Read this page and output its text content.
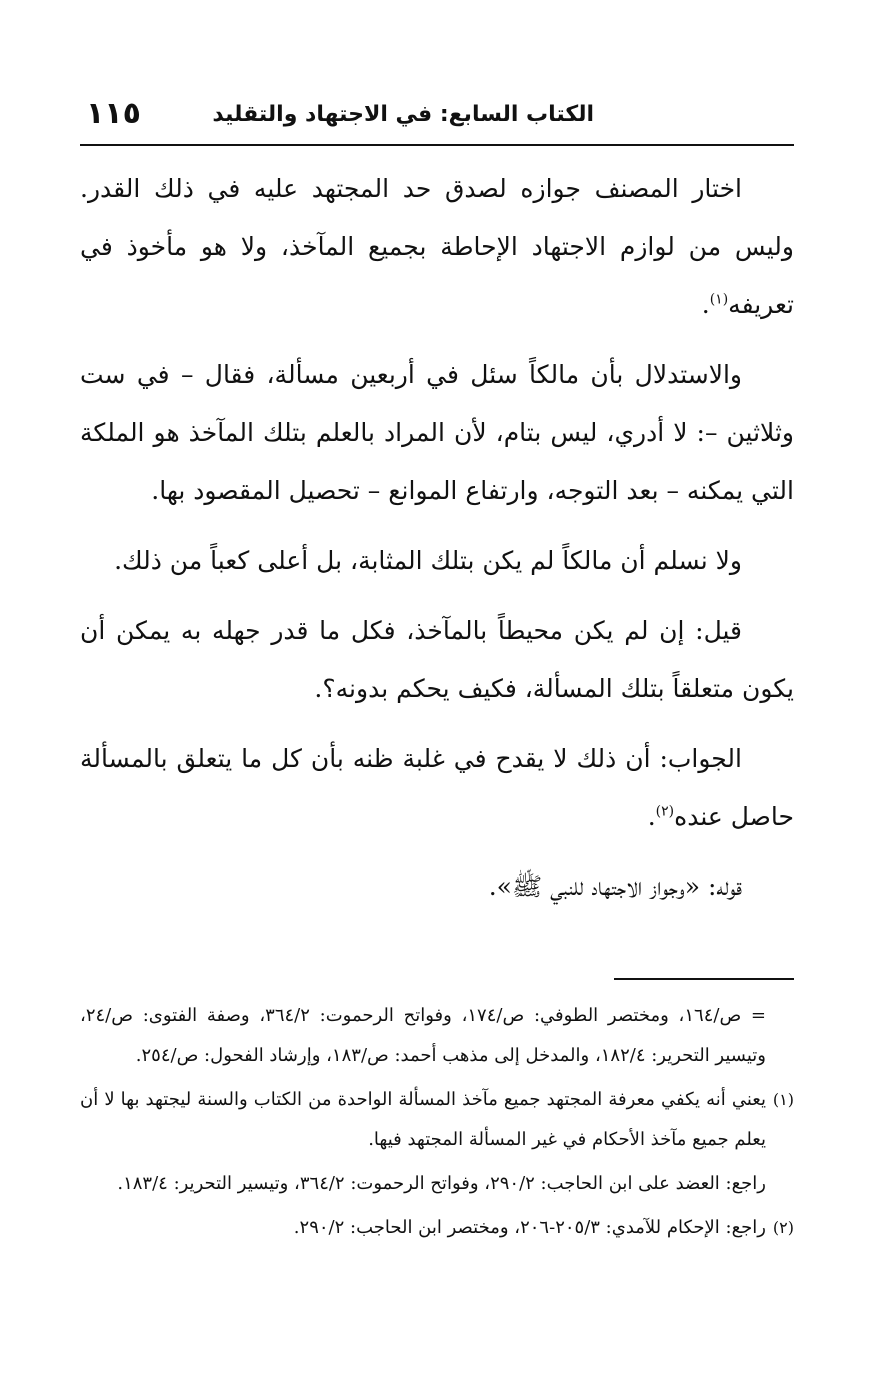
الكتاب السابع: في الاجتهاد والتقليد
١١٥

اختار المصنف جوازه لصدق حد المجتهد عليه في ذلك القدر. وليس من لوازم الاجتهاد الإحاطة بجميع المآخذ، ولا هو مأخوذ في تعريفه$^{(١)}$.

والاستدلال بأن مالكاً سئل في أربعين مسألة، فقال – في ست وثلاثين –: لا أدري، ليس بتام، لأن المراد بالعلم بتلك المآخذ هو الملكة التي يمكنه – بعد التوجه، وارتفاع الموانع – تحصيل المقصود بها.

ولا نسلم أن مالكاً لم يكن بتلك المثابة، بل أعلى كعباً من ذلك.

قيل: إن لم يكن محيطاً بالمآخذ، فكل ما قدر جهله به يمكن أن يكون متعلقاً بتلك المسألة، فكيف يحكم بدونه؟.

الجواب: أن ذلك لا يقدح في غلبة ظنه بأن كل ما يتعلق بالمسألة حاصل عنده$^{(٢)}$.

قوله: «وجواز الاجتهاد للنبي ﷺ».

= ص/١٦٤، ومختصر الطوفي: ص/١٧٤، وفواتح الرحموت: ٣٦٤/٢، وصفة الفتوى: ص/٢٤، وتيسير التحرير: ١٨٢/٤، والمدخل إلى مذهب أحمد: ص/١٨٣، وإرشاد الفحول: ص/٢٥٤.

(١)
يعني أنه يكفي معرفة المجتهد جميع مآخذ المسألة الواحدة من الكتاب والسنة ليجتهد بها لا أن يعلم جميع مآخذ الأحكام في غير المسألة المجتهد فيها.

راجع: العضد على ابن الحاجب: ٢٩٠/٢، وفواتح الرحموت: ٣٦٤/٢، وتيسير التحرير: ١٨٣/٤.

(٢)
راجع: الإحكام للآمدي: ٢٠٥/٣-٢٠٦، ومختصر ابن الحاجب: ٢٩٠/٢.
